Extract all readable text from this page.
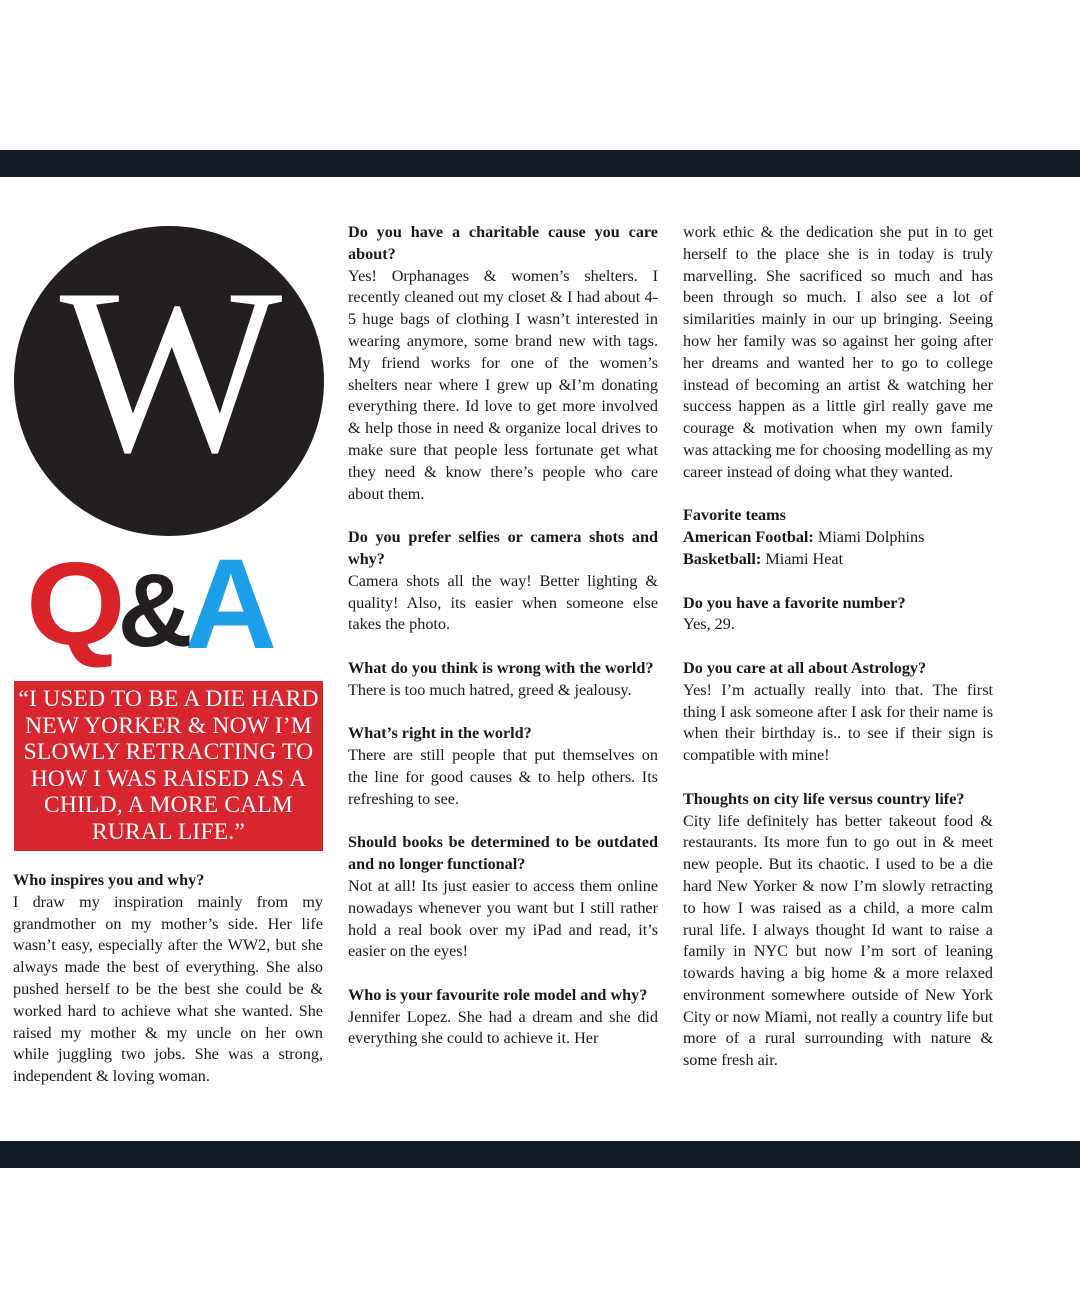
W
Q&A
“I USED TO BE A DIE HARD NEW YORKER & NOW I’M SLOWLY RETRACTING TO HOW I WAS RAISED AS A CHILD, A MORE CALM RURAL LIFE.”

Who inspires you and why?

I draw my inspiration mainly from my grandmother on my mother’s side. Her life wasn’t easy, especially after the WW2, but she always made the best of everything. She also pushed herself to be the best she could be & worked hard to achieve what she wanted. She raised my mother & my uncle on her own while juggling two jobs. She was a strong, independent & loving woman.

Do you have a charitable cause you care about?

Yes! Orphanages & women’s shelters. I recently cleaned out my closet & I had about 4-5 huge bags of clothing I wasn’t interested in wearing anymore, some brand new with tags. My friend works for one of the women’s shelters near where I grew up &I’m donating everything there. Id love to get more involved & help those in need & organize local drives to make sure that people less fortunate get what they need & know there’s people who care about them.

Do you prefer selfies or camera shots and why?

Camera shots all the way! Better lighting & quality! Also, its easier when someone else takes the photo.

What do you think is wrong with the world?

There is too much hatred, greed & jealousy.

What’s right in the world?

There are still people that put themselves on the line for good causes & to help others. Its refreshing to see.

Should books be determined to be outdated and no longer functional?

Not at all! Its just easier to access them online nowadays whenever you want but I still rather hold a real book over my iPad and read, it’s easier on the eyes!

Who is your favourite role model and why?

Jennifer Lopez. She had a dream and she did everything she could to achieve it. Her

work ethic & the dedication she put in to get herself to the place she is in today is truly marvelling. She sacrificed so much and has been through so much. I also see a lot of similarities mainly in our up bringing. Seeing how her family was so against her going after her dreams and wanted her to go to college instead of becoming an artist & watching her success happen as a little girl really gave me courage & motivation when my own family was attacking me for choosing modelling as my career instead of doing what they wanted.

Favorite teams

American Footbal: Miami Dolphins

Basketball: Miami Heat

Do you have a favorite number?

Yes, 29.

Do you care at all about Astrology?

Yes! I’m actually really into that. The first thing I ask someone after I ask for their name is when their birthday is.. to see if their sign is compatible with mine!

Thoughts on city life versus country life?

City life definitely has better takeout food & restaurants. Its more fun to go out in & meet new people. But its chaotic. I used to be a die hard New Yorker & now I’m slowly retracting to how I was raised as a child, a more calm rural life. I always thought Id want to raise a family in NYC but now I’m sort of leaning towards having a big home & a more relaxed environment somewhere outside of New York City or now Miami, not really a country life but more of a rural surrounding with nature & some fresh air.
